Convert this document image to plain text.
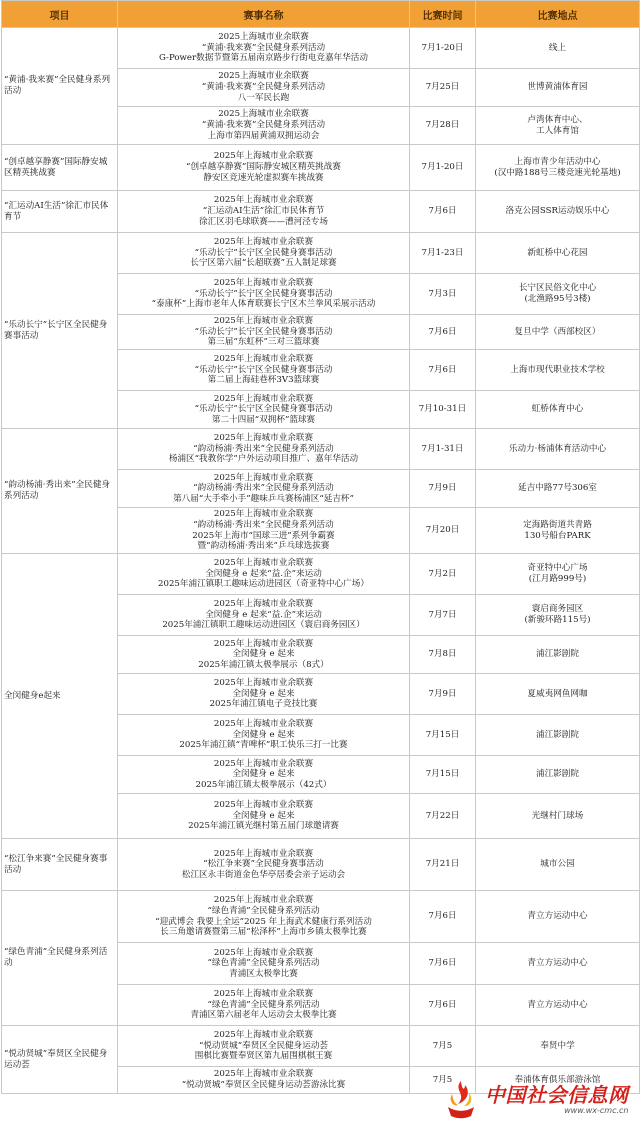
项目	赛事名称	比赛时间	比赛地点
“黄浦·我来赛”全民健身系列活动	2025上海城市业余联赛
“黄浦·我来赛”全民健身系列活动
G-Power数据节暨第五届南京路步行街电竞嘉年华活动	7月1-20日	线上

	2025上海城市业余联赛
“黄浦·我来赛”全民健身系列活动
八一军民长跑	7月25日	世博黄浦体育园

	2025上海城市业余联赛
“黄浦·我来赛”全民健身系列活动
上海市第四届黄浦双拥运动会	7月28日	卢湾体育中心、
工人体育馆

“创卓越享静赛”国际静安城区精英挑战赛	2025年上海城市业余联赛
“创卓越享静赛”国际静安城区精英挑战赛
静安区竞速光轮虚拟赛车挑战赛	7月1-20日	上海市青少年活动中心
(汉中路188号三楼竞速光轮基地)

“汇运动AI生活”徐汇市民体育节	2025年上海城市业余联赛
“汇运动AI生活”徐汇市民体育节
徐汇区羽毛球联赛——漕河泾专场	7月6日	洛克公园SSR运动娱乐中心

“乐动长宁”长宁区全民健身赛事活动	2025年上海城市业余联赛
“乐动长宁”长宁区全民健身赛事活动
长宁区第六届“长超联赛”五人制足球赛	7月1-23日	新虹桥中心花园

	2025年上海城市业余联赛
“乐动长宁”长宁区全民健身赛事活动
“泰康杯”上海市老年人体育联赛长宁区木兰拳风采展示活动	7月3日	长宁区民俗文化中心
(北渔路95号3楼)

	2025年上海城市业余联赛
“乐动长宁”长宁区全民健身赛事活动
第三届“东虹杯”三对三篮球赛	7月6日	复旦中学（西部校区）

	2025年上海城市业余联赛
“乐动长宁”长宁区全民健身赛事活动
第二届上海硅巷杯3V3篮球赛	7月6日	上海市现代职业技术学校

	2025年上海城市业余联赛
“乐动长宁”长宁区全民健身赛事活动
第二十四届“双拥杯”篮球赛	7月10-31日	虹桥体育中心

“韵动杨浦·秀出来”全民健身系列活动	2025年上海城市业余联赛
“韵动杨浦·秀出来”全民健身系列活动
杨浦区“我教你学”户外运动项目推广、嘉年华活动	7月1-31日	乐动力·杨浦体育活动中心

	2025年上海城市业余联赛
“韵动杨浦·秀出来”全民健身系列活动
第八届“大手牵小手”趣味乒乓赛杨浦区“延吉杯”	7月9日	延吉中路77号306室

	2025年上海城市业余联赛
“韵动杨浦·秀出来”全民健身系列活动
2025年上海市“国球三进”系列争霸赛
暨“韵动杨浦·秀出来”乒乓球选拔赛	7月20日	定海路街道共青路
130号船台PARK

全闵健身e起来	2025年上海城市业余联赛
全闵健身 e 起来“益.企”来运动
2025年浦江镇职工趣味运动进园区（奇亚特中心广场）	7月2日	奇亚特中心广场
(江月路999号)

	2025年上海城市业余联赛
全闵健身 e 起来“益.企”来运动
2025年浦江镇职工趣味运动进园区（寰启商务园区）	7月7日	寰启商务园区
(新骏环路115号)

	2025年上海城市业余联赛
全闵健身 e 起来
2025年浦江镇太极拳展示（8式）	7月8日	浦江影剧院

	2025年上海城市业余联赛
全闵健身 e 起来
2025年浦江镇电子竞技比赛	7月9日	夏威夷网鱼网咖

	2025年上海城市业余联赛
全闵健身 e 起来
2025年浦江镇“青啤杯”职工快乐三打一比赛	7月15日	浦江影剧院

	2025年上海城市业余联赛
全闵健身 e 起来
2025年浦江镇太极拳展示（42式）	7月15日	浦江影剧院

	2025年上海城市业余联赛
全闵健身 e 起来
2025年浦江镇光继村第五届门球邀请赛	7月22日	光继村门球场

“松江争来赛”全民健身赛事活动	2025年上海城市业余联赛
“松江争来赛”全民健身赛事活动
松江区永丰街道金色华亭居委会亲子运动会	7月21日	城市公园

“绿色青浦”全民健身系列活动	2025年上海城市业余联赛
“绿色青浦”全民健身系列活动
“迎武博会 我要上全运”2025 年上海武术健康行系列活动
长三角邀请赛暨第三届“松泽杯”上海市乡镇太极拳比赛	7月6日	青立方运动中心

	2025年上海城市业余联赛
“绿色青浦”全民健身系列活动
青浦区太极拳比赛	7月6日	青立方运动中心

	2025年上海城市业余联赛
“绿色青浦”全民健身系列活动
青浦区第六届老年人运动会太极拳比赛	7月6日	青立方运动中心

“悦动贤城”奉贤区全民健身运动荟	2025年上海城市业余联赛
“悦动贤城”奉贤区全民健身运动荟
围棋比赛暨奉贤区第九届围棋棋王赛	7月5	奉贤中学

	2025年上海城市业余联赛
“悦动贤城”奉贤区全民健身运动荟游泳比赛	7月5	奉浦体育俱乐部游泳馆
中国社会信息网
www.wx-cmc.cn
